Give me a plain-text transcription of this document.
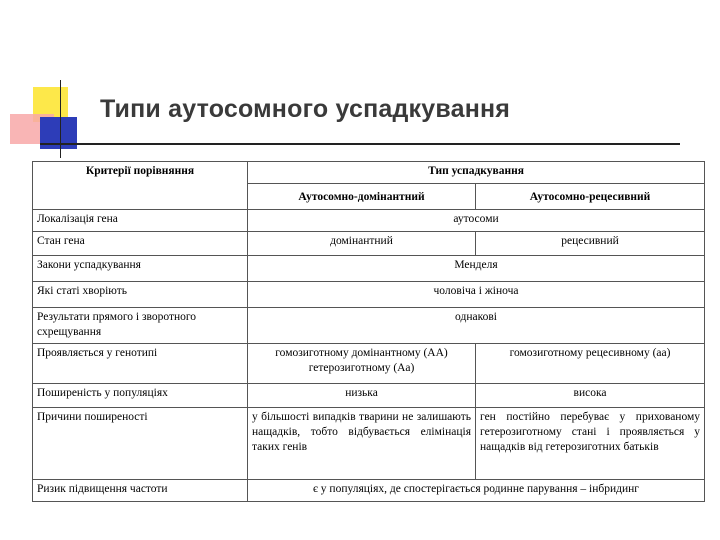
Типи аутосомного успадкування
Критерії порівняння	Тип успадкування	
	Аутосомно-домінантний	Аутосомно-рецесивний
Локалізація гена	аутосоми	
Стан гена	домінантний	рецесивний
Закони успадкування	Менделя	
Які статі хворіють	чоловіча і жіноча	
Результати прямого і зворотного схрещування	однакові	
Проявляється у генотипі	гомозиготному домінантному (АА) гетерозиготному (Аа)	гомозиготному рецесивному (аа)
Поширеність у популяціях	низька	висока
Причини поширеності	у більшості випадків тварини не залишають нащадків, тобто відбувається елімінація таких генів	ген постійно перебуває у прихованому гетерозиготному стані і проявляється у нащадків від гетерозиготних батьків
Ризик підвищення частоти	є у популяціях, де спостерігається родинне парування – інбридинг	
